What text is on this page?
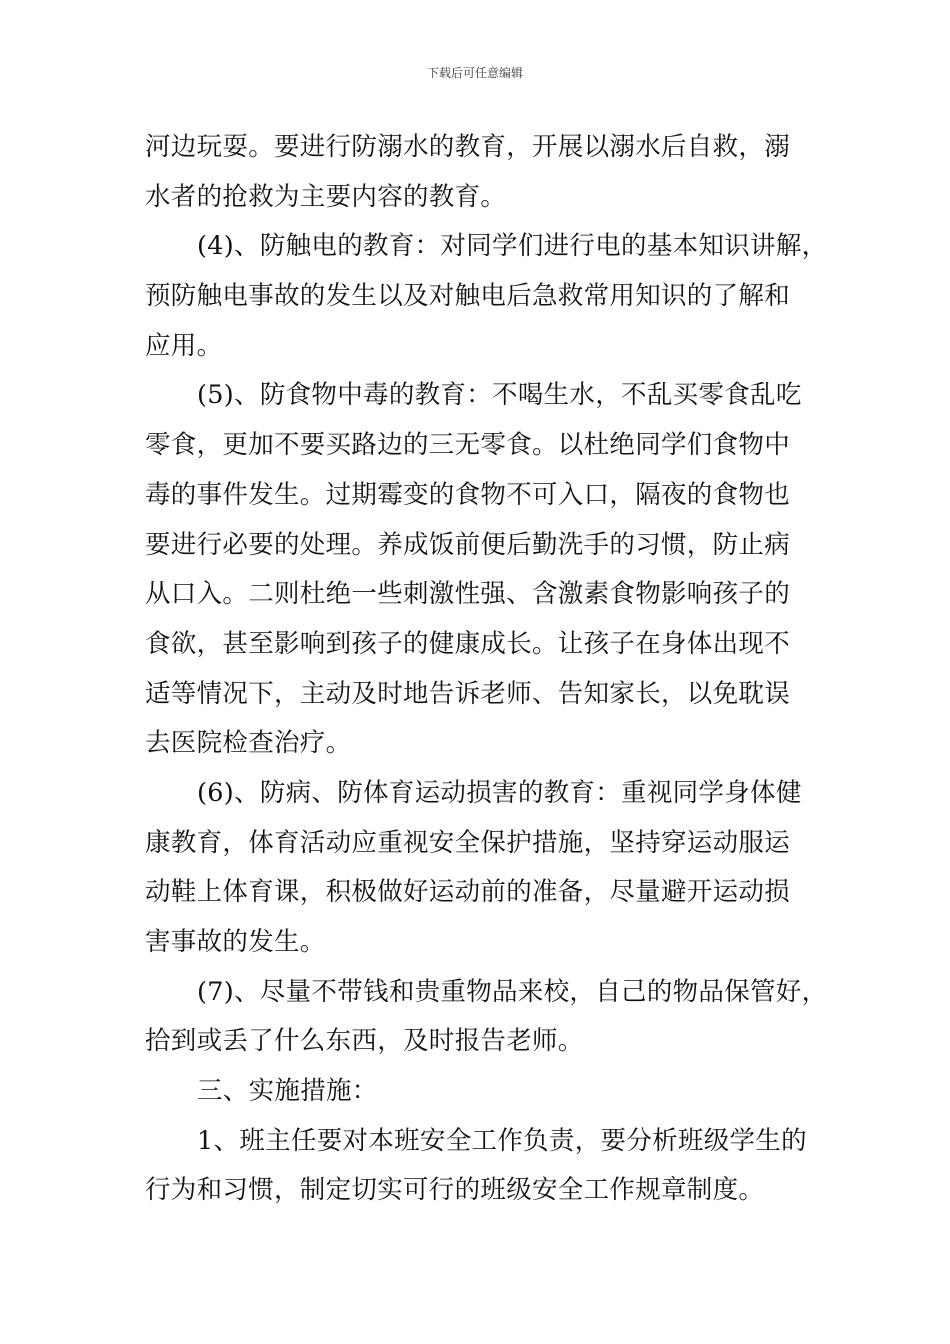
下载后可任意编辑

河边玩耍。要进行防溺水的教育，开展以溺水后自救，溺
水者的抢救为主要内容的教育。

(4)、防触电的教育：对同学们进行电的基本知识讲解，
预防触电事故的发生以及对触电后急救常用知识的了解和
应用。

(5)、防食物中毒的教育：不喝生水，不乱买零食乱吃
零食，更加不要买路边的三无零食。以杜绝同学们食物中
毒的事件发生。过期霉变的食物不可入口，隔夜的食物也
要进行必要的处理。养成饭前便后勤洗手的习惯，防止病
从口入。二则杜绝一些刺激性强、含激素食物影响孩子的
食欲，甚至影响到孩子的健康成长。让孩子在身体出现不
适等情况下，主动及时地告诉老师、告知家长，以免耽误
去医院检查治疗。

(6)、防病、防体育运动损害的教育：重视同学身体健
康教育，体育活动应重视安全保护措施，坚持穿运动服运
动鞋上体育课，积极做好运动前的准备，尽量避开运动损
害事故的发生。

(7)、尽量不带钱和贵重物品来校，自己的物品保管好，
拾到或丢了什么东西，及时报告老师。

三、实施措施：

1、班主任要对本班安全工作负责，要分析班级学生的
行为和习惯，制定切实可行的班级安全工作规章制度。
